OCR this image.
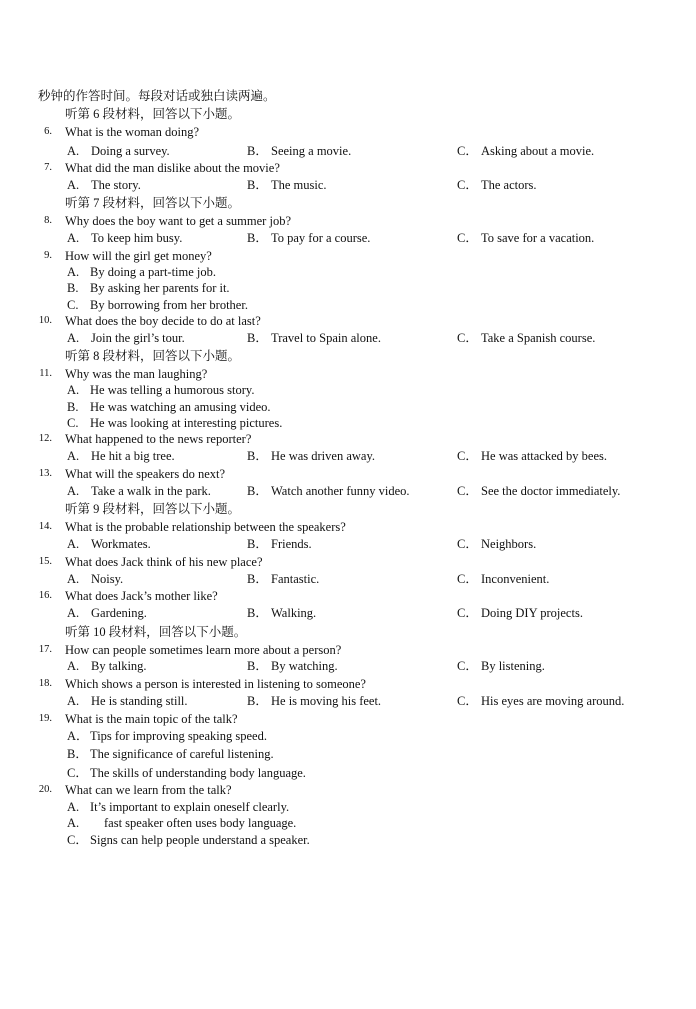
秒钟的作答时间。每段对话或独白读两遍。
听第 6 段材料，回答以下小题。
6. What is the woman doing?
A. Doing a survey.	B． Seeing a movie.	C． Asking about a movie.
7. What did the man dislike about the movie?
A. The story.	B． The music.	C． The actors.
听第 7 段材料，回答以下小题。
8. Why does the boy want to get a summer job?
A. To keep him busy.	B． To pay for a course.	C． To save for a vacation.
9. How will the girl get money?
A. By doing a part-time job.
B. By asking her parents for it.
C. By borrowing from her brother.
10. What does the boy decide to do at last?
A. Join the girl’s tour.	B． Travel to Spain alone.	C． Take a Spanish course.
听第 8 段材料，回答以下小题。
11. Why was the man laughing?
A. He was telling a humorous story.
B. He was watching an amusing video.
C. He was looking at interesting pictures.
12. What happened to the news reporter?
A. He hit a big tree.	B． He was driven away.	C． He was attacked by bees.
13. What will the speakers do next?
A. Take a walk in the park.	B． Watch another funny video.	C． See the doctor immediately.
听第 9 段材料，回答以下小题。
14. What is the probable relationship between the speakers?
A. Workmates.	B． Friends.	C． Neighbors.
15. What does Jack think of his new place?
A. Noisy.	B． Fantastic.	C． Inconvenient.
16. What does Jack’s mother like?
A. Gardening.	B． Walking.	C． Doing DIY projects.
听第 10 段材料，回答以下小题。
17. How can people sometimes learn more about a person?
A. By talking.	B． By watching.	C． By listening.
18. Which shows a person is interested in listening to someone?
A. He is standing still.	B． He is moving his feet.	C． His eyes are moving around.
19. What is the main topic of the talk?
A．Tips for improving speaking speed.
B． The significance of careful listening.
C． The skills of understanding body language.
20. What can we learn from the talk?
A. It’s important to explain oneself clearly.
A. fast speaker often uses body language.
C． Signs can help people understand a speaker.
